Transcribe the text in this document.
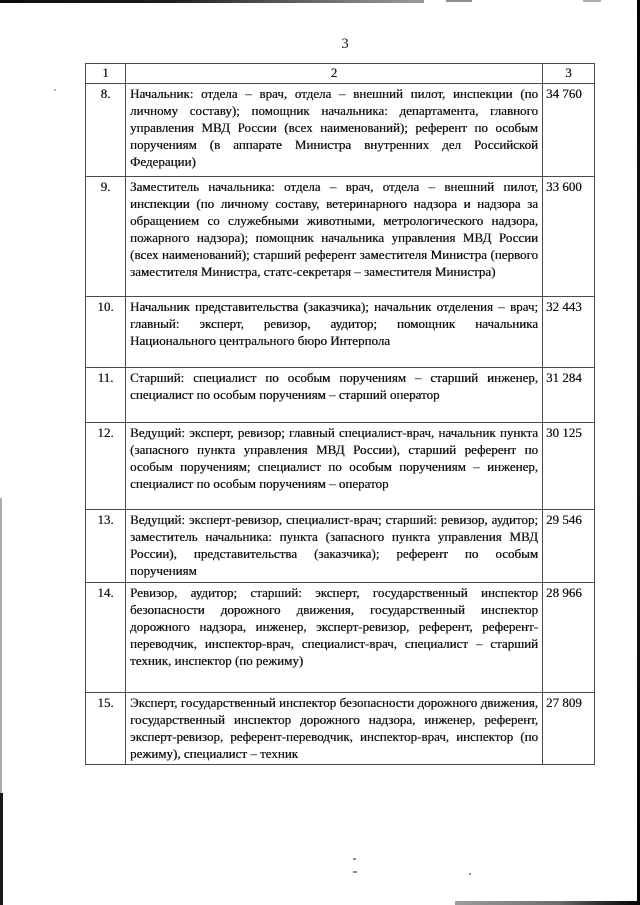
3
1	2	3
8.	Начальник: отдела – врач, отдела – внешний пилот, инспекции (по личному составу); помощник начальника: департамента, главного управления МВД России (всех наименований); референт по особым поручениям (в аппарате Министра внутренних дел Российской Федерации)	34 760
9.	Заместитель начальника: отдела – врач, отдела – внешний пилот, инспекции (по личному составу, ветеринарного надзора и надзора за обращением со служебными животными, метрологического надзора, пожарного надзора); помощник начальника управления МВД России (всех наименований); старший референт заместителя Министра (первого заместителя Министра, статс-секретаря – заместителя Министра)	33 600
10.	Начальник представительства (заказчика); начальник отделения – врач; главный: эксперт, ревизор, аудитор; помощник начальника Национального центрального бюро Интерпола	32 443
11.	Старший: специалист по особым поручениям – старший инженер, специалист по особым поручениям – старший оператор	31 284
12.	Ведущий: эксперт, ревизор; главный специалист-врач, начальник пункта (запасного пункта управления МВД России), старший референт по особым поручениям; специалист по особым поручениям – инженер, специалист по особым поручениям – оператор	30 125
13.	Ведущий: эксперт-ревизор, специалист-врач; старший: ревизор, аудитор; заместитель начальника: пункта (запасного пункта управления МВД России), представительства (заказчика); референт по особым поручениям	29 546
14.	Ревизор, аудитор; старший: эксперт, государственный инспектор безопасности дорожного движения, государственный инспектор дорожного надзора, инженер, эксперт-ревизор, референт, референт-переводчик, инспектор-врач, специалист-врач, специалист – старший техник, инспектор (по режиму)	28 966
15.	Эксперт, государственный инспектор безопасности дорожного движения, государственный инспектор дорожного надзора, инженер, референт, эксперт-ревизор, референт-переводчик, инспектор-врач, инспектор (по режиму), специалист – техник	27 809
